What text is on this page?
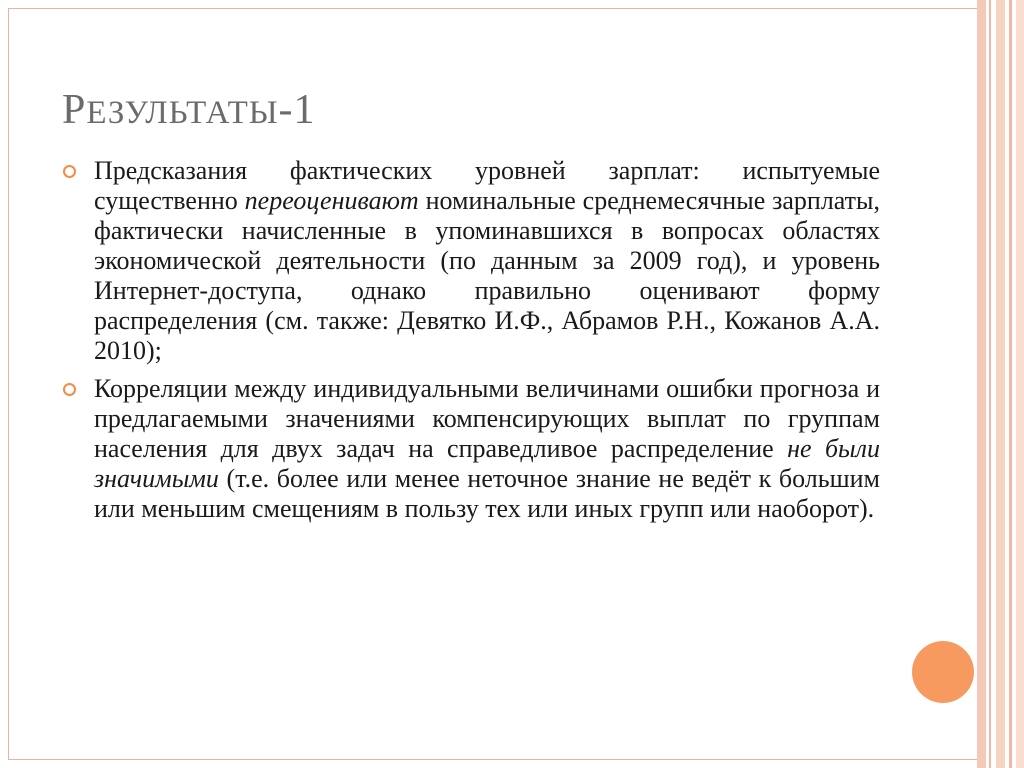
РЕЗУЛЬТАТЫ-1
Предсказания фактических уровней зарплат: испытуемые существенно переоценивают номинальные среднемесячные зарплаты, фактически начисленные в упоминавшихся в вопросах областях экономической деятельности (по данным за 2009 год), и уровень Интернет-доступа, однако правильно оценивают форму распределения (см. также: Девятко И.Ф., Абрамов Р.Н., Кожанов А.А. 2010);
Корреляции между индивидуальными величинами ошибки прогноза и предлагаемыми значениями компенсирующих выплат по группам населения для двух задач на справедливое распределение не были значимыми (т.е. более или менее неточное знание не ведёт к большим или меньшим смещениям в пользу тех или иных групп или наоборот).
